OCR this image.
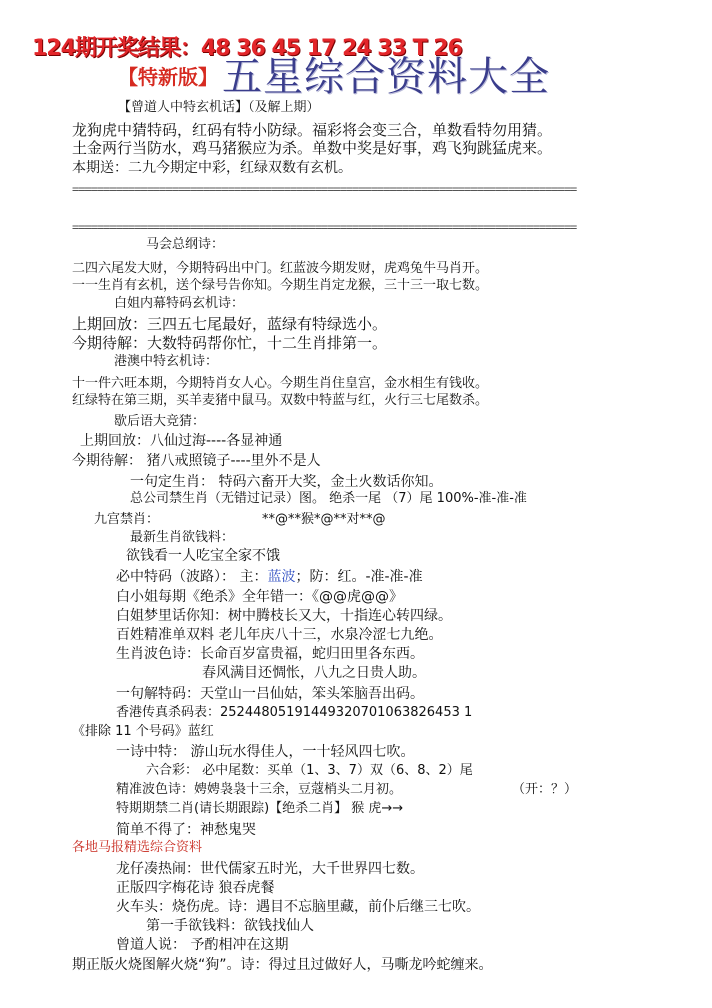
124期开奖结果：48 36 45 17 24 33 T 26
【特新版】 五星综合资料大全
【曾道人中特玄机话】（及解上期）
龙狗虎中猜特码，红码有特小防绿。福彩将会变三合，单数看特勿用猜。
土金两行当防水，鸡马猪猴应为杀。单数中奖是好事，鸡飞狗跳猛虎来。
本期送：二九今期定中彩，红绿双数有玄机。
=================================================================================
=================================================================================
马会总纲诗：
二四六尾发大财，今期特码出中门。红蓝波今期发财，虎鸡兔牛马肖开。
一一生肖有玄机，送个绿号告你知。今期生肖定龙猴，三十三一取七数。
白姐内幕特码玄机诗：
上期回放：三四五七尾最好，蓝绿有特绿选小。
今期待解：大数特码帮你忙，十二生肖排第一。
港澳中特玄机诗：
十一件六旺本期，今期特肖女人心。今期生肖住皇宫，金水相生有钱收。
红绿特在第三期，买羊麦猪中鼠马。双数中特蓝与红，火行三七尾数杀。
歇后语大竞猜：
上期回放：八仙过海----各显神通
今期待解： 猪八戒照镜子----里外不是人
一句定生肖： 特码六畜开大奖，金土火数话你知。
总公司禁生肖（无错过记录）图。 绝杀一尾 （7）尾 100%-准-准-准
九宫禁肖：	**@**猴*@**对**@
最新生肖欲钱料：
欲钱看一人吃宝全家不饿
必中特码（波路）： 主：蓝波；防：红。-准-准-准
白小姐每期《绝杀》全年错一：《@@虎@@》
白姐梦里话你知：树中腾枝长又大，十指连心转四绿。
百姓精准单双料 老儿年庆八十三，水泉冷涩七九绝。
生肖波色诗：长命百岁富贵福，蛇归田里各东西。
春风满目还惆怅，八九之日贵人助。
一句解特码：天堂山一吕仙姑，笨头笨脑吾出码。
香港传真杀码表：25244805191449320701063826453 1
《排除 11 个号码》蓝红
一诗中特： 游山玩水得佳人，一十轻风四七吹。
六合彩： 必中尾数：买单（1、3、7）双（6、8、2）尾
精准波色诗：娉娉袅袅十三余，豆蔻梢头二月初。	（开：？）
特期期禁二肖(请长期跟踪)【绝杀二肖】 猴 虎→→
简单不得了：神愁鬼哭
各地马报精选综合资料
龙仔凑热闹：世代儒家五时光，大千世界四七数。
正版四字梅花诗 狼吞虎餐
火车头：烧伤虎。诗：遇目不忘脑里藏，前仆后继三七吹。
第一手欲钱料：欲钱找仙人
曾道人说： 予酌相冲在这期
期正版火烧图解火烧“狗”。诗：得过且过做好人，马嘶龙吟蛇缠来。
